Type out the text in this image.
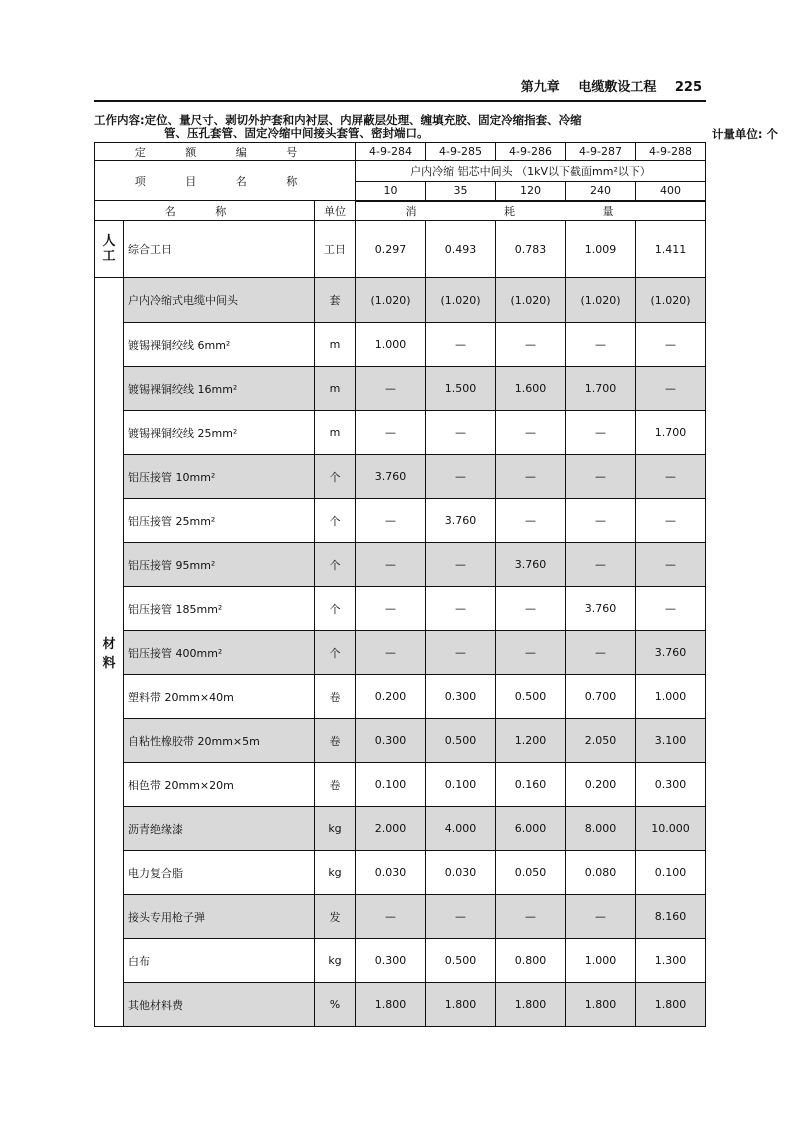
第九章 电缆敷设工程 225
工作内容:定位、量尺寸、剥切外护套和内衬层、内屏蔽层处理、缠填充胶、固定冷缩指套、冷缩
管、压孔套管、固定冷缩中间接头套管、密封端口。	计量单位: 个
定 额 编 号			4-9-284	4-9-285	4-9-286	4-9-287	4-9-288
项 目 名 称			户内冷缩 铝芯中间头 （1kV以下截面mm²以下）				
			10	35	120	240	400
名 称		单位	消 耗 量				

人
工	综合工日	工日	0.297	0.493	0.783	1.009	1.411

材
料	户内冷缩式电缆中间头	套	(1.020)	(1.020)	(1.020)	(1.020)	(1.020)
	镀锡裸铜绞线 6mm²	m	1.000	—	—	—	—
	镀锡裸铜绞线 16mm²	m	—	1.500	1.600	1.700	—
	镀锡裸铜绞线 25mm²	m	—	—	—	—	1.700
	铝压接管 10mm²	个	3.760	—	—	—	—
	铝压接管 25mm²	个	—	3.760	—	—	—
	铝压接管 95mm²	个	—	—	3.760	—	—
	铝压接管 185mm²	个	—	—	—	3.760	—
	铝压接管 400mm²	个	—	—	—	—	3.760
	塑料带 20mm×40m	卷	0.200	0.300	0.500	0.700	1.000
	自粘性橡胶带 20mm×5m	卷	0.300	0.500	1.200	2.050	3.100
	相色带 20mm×20m	卷	0.100	0.100	0.160	0.200	0.300
	沥青绝缘漆	kg	2.000	4.000	6.000	8.000	10.000
	电力复合脂	kg	0.030	0.030	0.050	0.080	0.100
	接头专用枪子弹	发	—	—	—	—	8.160
	白布	kg	0.300	0.500	0.800	1.000	1.300
	其他材料费	%	1.800	1.800	1.800	1.800	1.800
